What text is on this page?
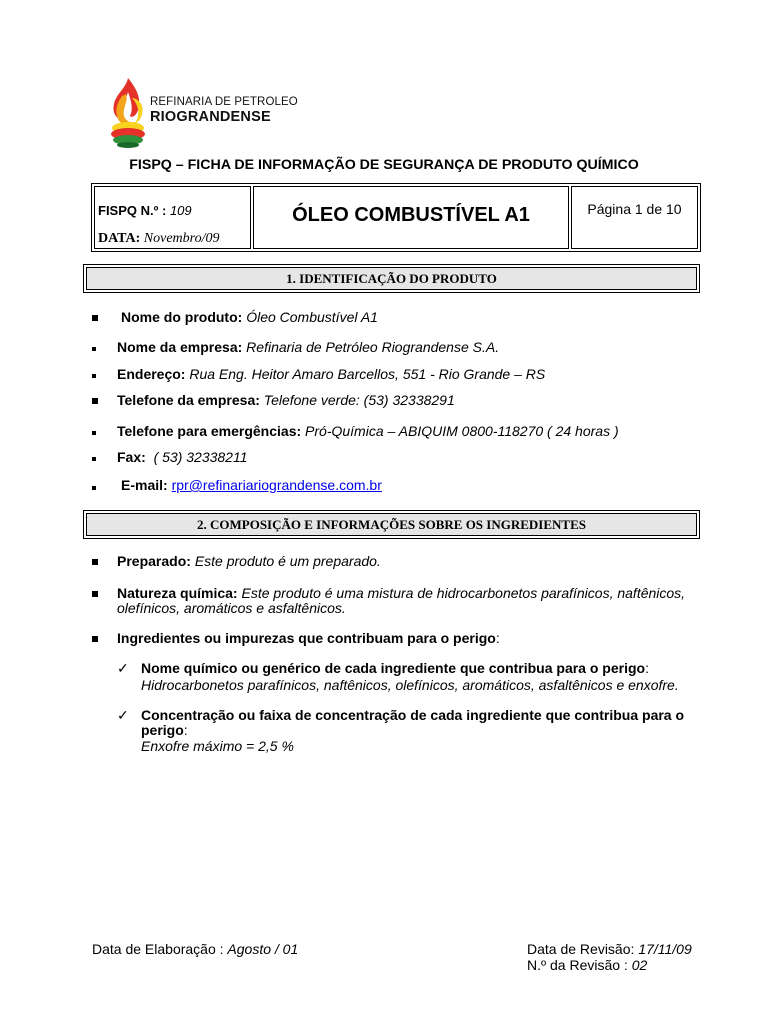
REFINARIA DE PETROLEO
RIOGRANDENSE
FISPQ – FICHA DE INFORMAÇÃO DE SEGURANÇA DE PRODUTO QUÍMICO
FISPQ N.º : 109
DATA: Novembro/09
ÓLEO COMBUSTÍVEL A1	Página 1 de 10
1. IDENTIFICAÇÃO DO PRODUTO
Nome do produto: Óleo Combustível A1
Nome da empresa: Refinaria de Petróleo Riograndense S.A.
Endereço: Rua Eng. Heitor Amaro Barcellos, 551 - Rio Grande – RS
Telefone da empresa: Telefone verde: (53) 32338291
Telefone para emergências: Pró-Química – ABIQUIM 0800-118270 ( 24 horas )
Fax: ( 53) 32338211
E-mail: rpr@refinariariograndense.com.br
2. COMPOSIÇÃO E INFORMAÇÕES SOBRE OS INGREDIENTES
Preparado: Este produto é um preparado.
Natureza química: Este produto é uma mistura de hidrocarbonetos parafínicos, naftênicos,
olefínicos, aromáticos e asfaltênicos.
Ingredientes ou impurezas que contribuam para o perigo:
✓ Nome químico ou genérico de cada ingrediente que contribua para o perigo:
Hidrocarbonetos parafínicos, naftênicos, olefínicos, aromáticos, asfaltênicos e enxofre.
✓ Concentração ou faixa de concentração de cada ingrediente que contribua para o
perigo:
Enxofre máximo = 2,5 %
Data de Elaboração : Agosto / 01	Data de Revisão: 17/11/09
N.º da Revisão : 02
